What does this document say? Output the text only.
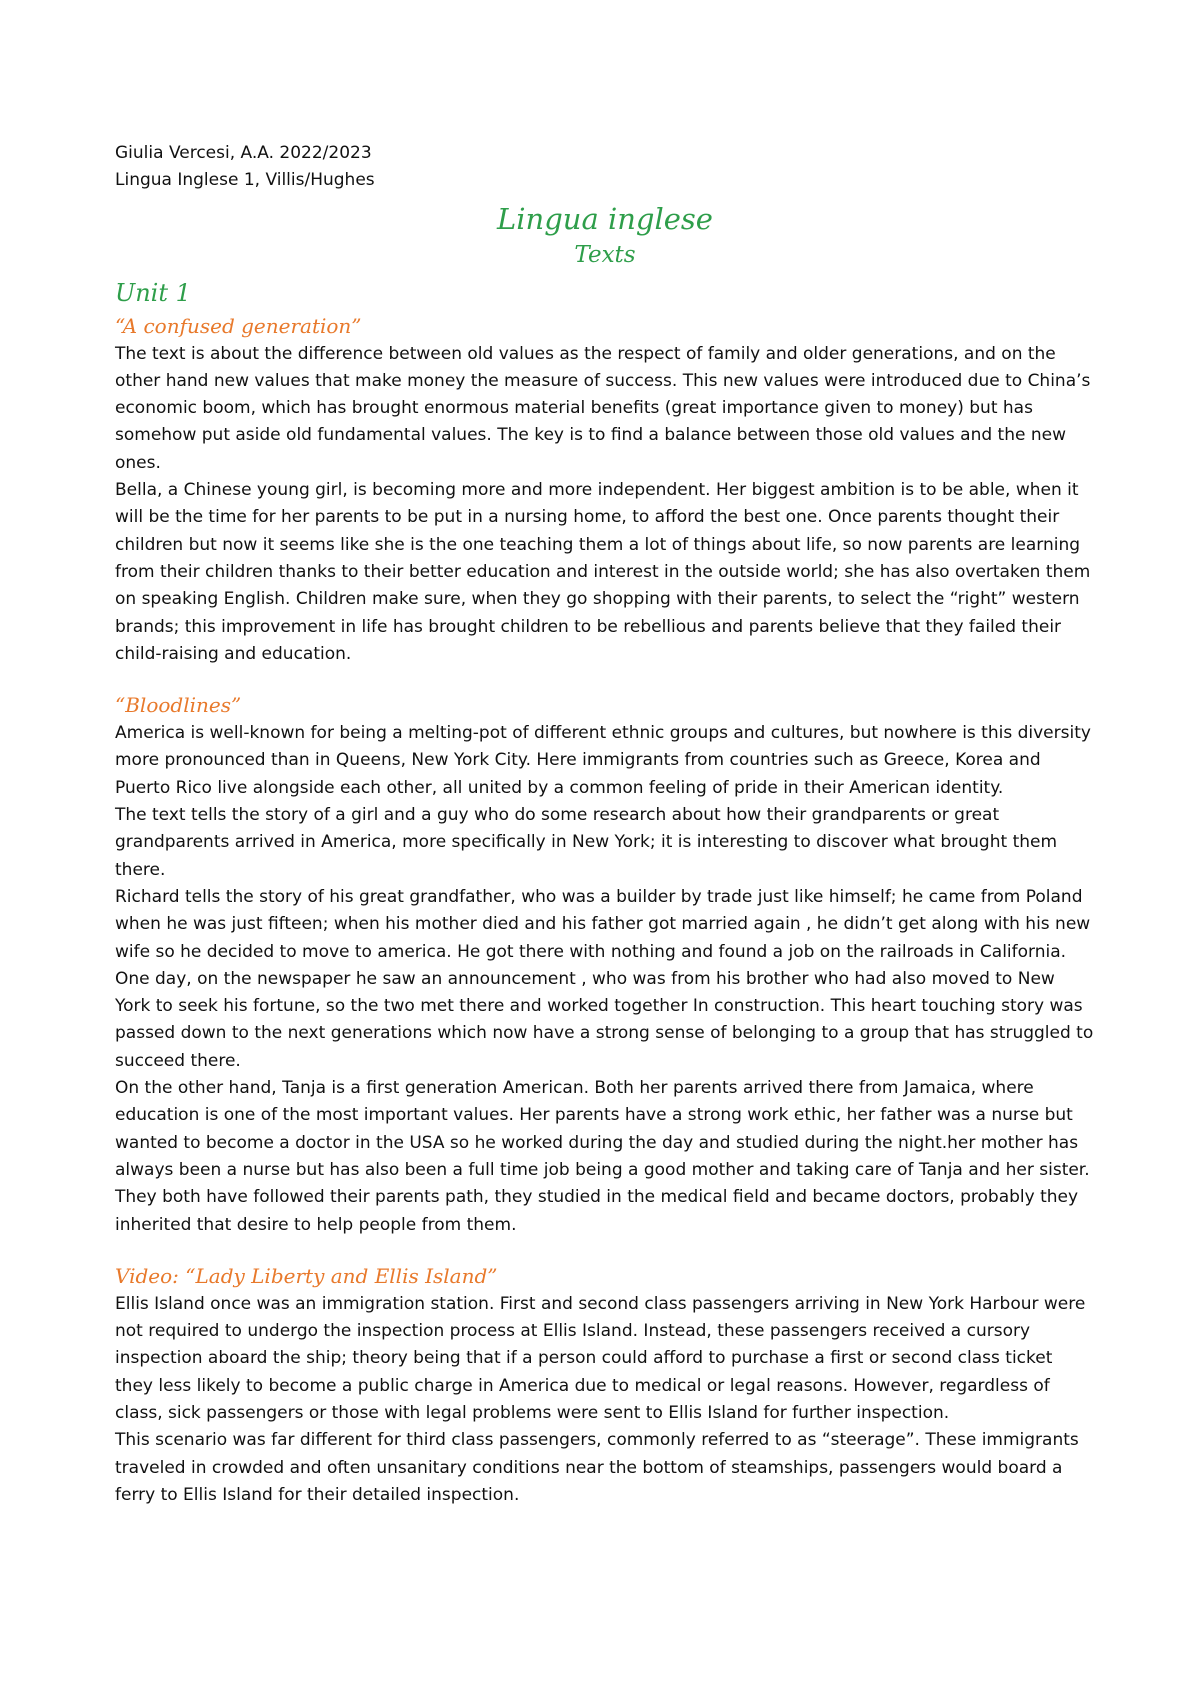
Giulia Vercesi, A.A. 2022/2023

Lingua Inglese 1, Villis/Hughes

Lingua inglese

Texts

Unit 1

“A confused generation”

The text is about the difference between old values as the respect of family and older generations, and on the other hand new values that make money the measure of success. This new values were introduced due to China’s economic boom, which has brought enormous material benefits (great importance given to money) but has somehow put aside old fundamental values. The key is to find a balance between those old values and the new ones.

Bella, a Chinese young girl, is becoming more and more independent. Her biggest ambition is to be able, when it will be the time for her parents to be put in a nursing home, to afford the best one. Once parents thought their children but now it seems like she is the one teaching them a lot of things about life, so now parents are learning from their children thanks to their better education and interest in the outside world; she has also overtaken them on speaking English. Children make sure, when they go shopping with their parents, to select the “right” western brands; this improvement in life has brought children to be rebellious and parents believe that they failed their child-raising and education.

“Bloodlines”

America is well-known for being a melting-pot of different ethnic groups and cultures, but nowhere is this diversity more pronounced than in Queens, New York City. Here immigrants from countries such as Greece, Korea and Puerto Rico live alongside each other, all united by a common feeling of pride in their American identity.

The text tells the story of a girl and a guy who do some research about how their grandparents or great grandparents arrived in America, more specifically in New York; it is interesting to discover what brought them there.

Richard tells the story of his great grandfather, who was a builder by trade just like himself; he came from Poland when he was just fifteen; when his mother died and his father got married again , he didn’t get along with his new wife so he decided to move to america. He got there with nothing and found a job on the railroads in California. One day, on the newspaper he saw an announcement , who was from his brother who had also moved to New York to seek his fortune, so the two met there and worked together In construction. This heart touching story was passed down to the next generations which now have a strong sense of belonging to a group that has struggled to succeed there.

On the other hand, Tanja is a first generation American. Both her parents arrived there from Jamaica, where education is one of the most important values. Her parents have a strong work ethic, her father was a nurse but wanted to become a doctor in the USA so he worked during the day and studied during the night.her mother has always been a nurse but has also been a full time job being a good mother and taking care of Tanja and her sister. They both have followed their parents path, they studied in the medical field and became doctors, probably they inherited that desire to help people from them.

Video: “Lady Liberty and Ellis Island”

Ellis Island once was an immigration station. First and second class passengers arriving in New York Harbour were not required to undergo the inspection process at Ellis Island. Instead, these passengers received a cursory inspection aboard the ship; theory being that if a person could afford to purchase a first or second class ticket they less likely to become a public charge in America due to medical or legal reasons. However, regardless of class, sick passengers or those with legal problems were sent to Ellis Island for further inspection.

This scenario was far different for third class passengers, commonly referred to as “steerage”. These immigrants traveled in crowded and often unsanitary conditions near the bottom of steamships, passengers would board a ferry to Ellis Island for their detailed inspection.
